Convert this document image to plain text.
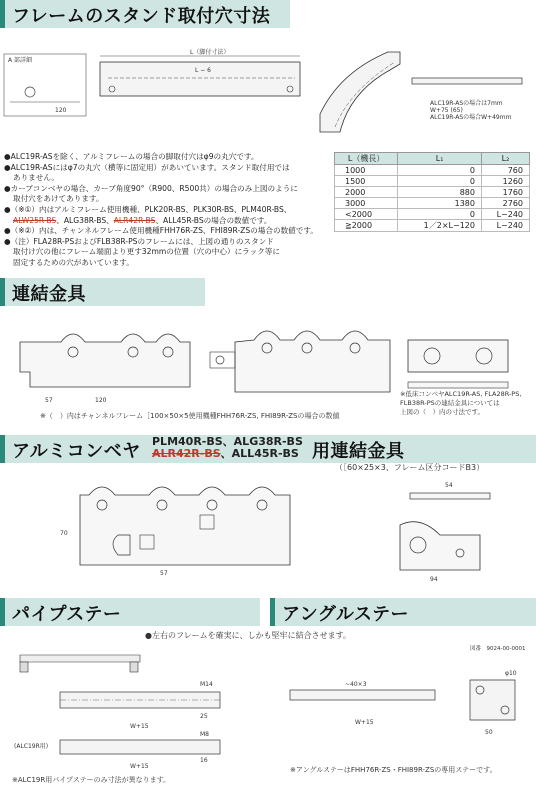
フレームのスタンド取付穴寸法
A 部詳細
L（脚付寸法）
L − 6
120
ALC19R-ASの場合は7mm
W+75 (65)
ALC19R-ASの場合W+49mm

●ALC19R-ASを除く、アルミフレームの場合の脚取付穴はφ9の丸穴です。

●ALC19R-ASにはφ7の丸穴（横等に固定用）があいています。スタンド取付用では

ありません。

●カーブコンベヤの場合、カーブ角度90°（R900、R500共）の場合のみ上図のように

取付穴をあけてあります。

●（※①）内はアルミフレーム使用機種、PLK20R-BS、PLK30R-BS、PLM40R-BS、

ALW25R-BS、ALG38R-BS、ALR42R-BS、ALL45R-BSの場合の数値です。

●（※②）内は、チャンネルフレーム使用機種FHH76R-ZS、FHI89R-ZSの場合の数値です。

●（注）FLA28R-PSおよびFLB38R-PSのフレームには、上図の通りのスタンド

取付け穴の他にフレーム端面より更す32mmの位置（穴の中心）にラック等に

固定するための穴があいています。

L（機長）	L₁	L₂
1000	0	760
1500	0	1260
2000	880	1760
3000	1380	2760
<2000	0	L−240
≧2000	1／2×L−120	L−240
連結金具
120
57
※（　）内はチャンネルフレーム［100×50×5使用機種FHH76R-ZS, FHI89R-ZSの場合の数値
※低床コンベヤALC19R-AS, FLA28R-PS,
FLB38R-PSの連結金具については
上図の（　）内の寸法です。
アルミコンベヤ PLM40R-BS、ALG38R-BS
ALR42R-BS、ALL45R-BS 用連結金具
（［60×25×3、フレーム区分コードB3）
70
57
54
94
パイプステー	アングルステー
●左右のフレームを確実に、しかも堅牢に結合させます。
図番　9024-00-0001
M14
25
W+15
(ALC19R用)
M8
16
W+15
~40×3
W+15
φ10
50
※ALC19R用パイプステーのみ寸法が異なります。
※アングルステーはFHH76R-ZS・FHI89R-ZSの専用ステーです。
